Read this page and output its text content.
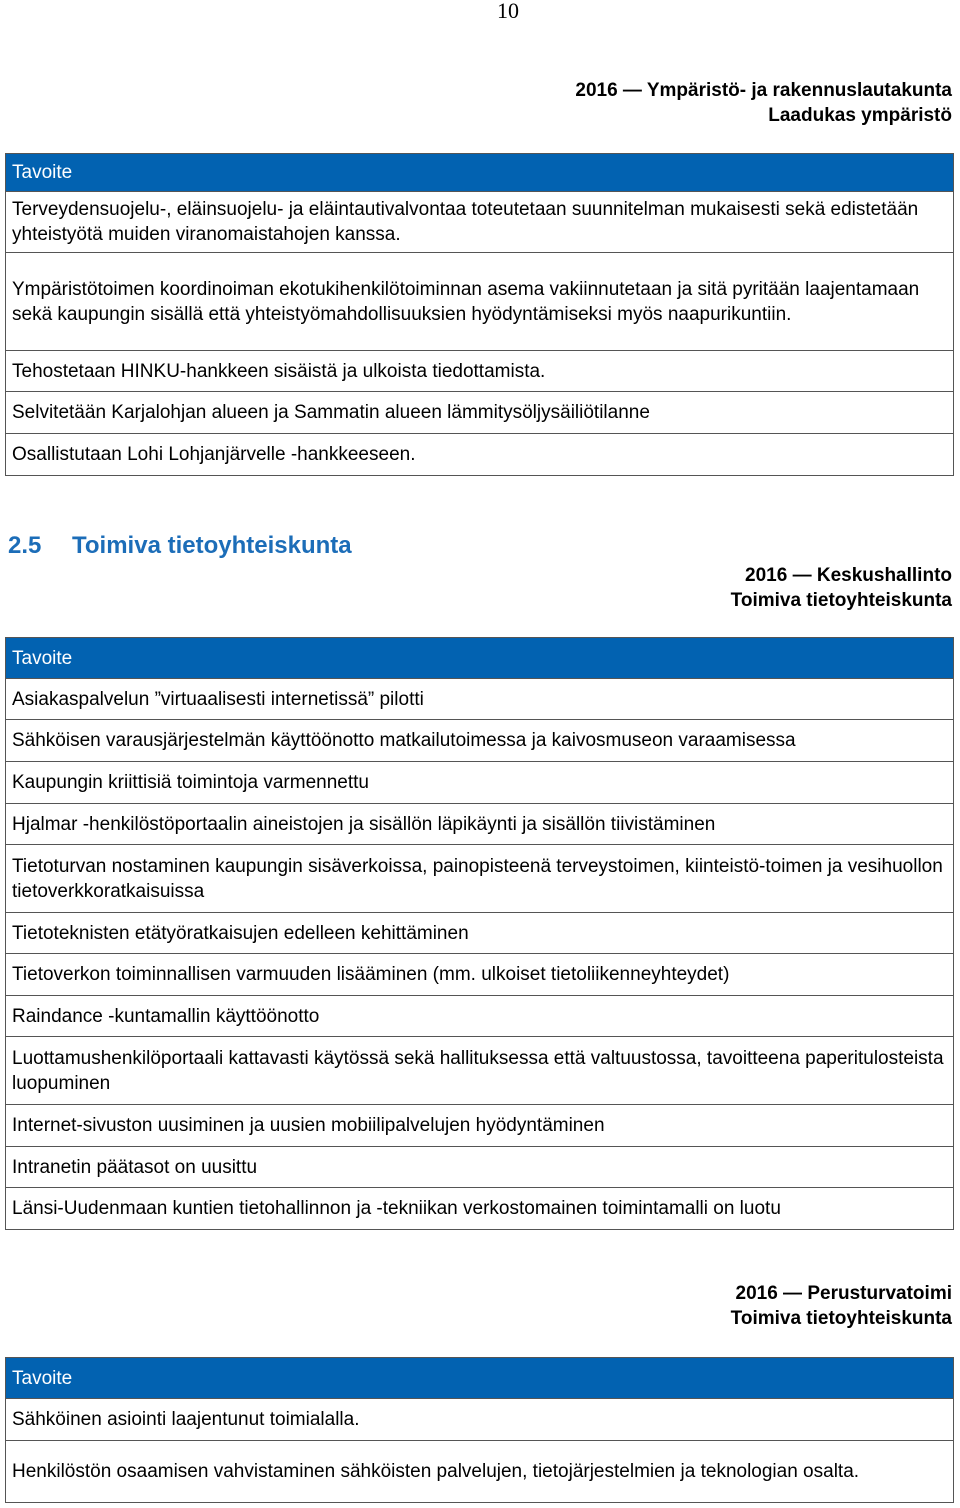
10
2016 — Ympäristö- ja rakennuslautakunta
Laadukas ympäristö
Tavoite
Terveydensuojelu-, eläinsuojelu- ja eläintautivalvontaa toteutetaan suunnitelman mukaisesti sekä edistetään yhteistyötä muiden viranomaistahojen kanssa.
Ympäristötoimen koordinoiman ekotukihenkilötoiminnan asema vakiinnutetaan ja sitä pyritään laajentamaan sekä kaupungin sisällä että yhteistyömahdollisuuksien hyödyntämiseksi myös naapurikuntiin.
Tehostetaan HINKU-hankkeen sisäistä ja ulkoista tiedottamista.
Selvitetään Karjalohjan alueen ja Sammatin alueen lämmitysöljysäiliötilanne
Osallistutaan Lohi Lohjanjärvelle -hankkeeseen.
2.5 Toimiva tietoyhteiskunta
2016 — Keskushallinto
Toimiva tietoyhteiskunta
Tavoite
Asiakaspalvelun ”virtuaalisesti internetissä” pilotti
Sähköisen varausjärjestelmän käyttöönotto matkailutoimessa ja kaivosmuseon varaamisessa
Kaupungin kriittisiä toimintoja varmennettu
Hjalmar -henkilöstöportaalin aineistojen ja sisällön läpikäynti ja sisällön tiivistäminen
Tietoturvan nostaminen kaupungin sisäverkoissa, painopisteenä terveystoimen, kiinteistö-toimen ja vesihuollon tietoverkkoratkaisuissa
Tietoteknisten etätyöratkaisujen edelleen kehittäminen
Tietoverkon toiminnallisen varmuuden lisääminen (mm. ulkoiset tietoliikenneyhteydet)
Raindance -kuntamallin käyttöönotto
Luottamushenkilöportaali kattavasti käytössä sekä hallituksessa että valtuustossa, tavoitteena paperitulosteista luopuminen
Internet-sivuston uusiminen ja uusien mobiilipalvelujen hyödyntäminen
Intranetin päätasot on uusittu
Länsi-Uudenmaan kuntien tietohallinnon ja -tekniikan verkostomainen toimintamalli on luotu
2016 — Perusturvatoimi
Toimiva tietoyhteiskunta
Tavoite
Sähköinen asiointi laajentunut toimialalla.
Henkilöstön osaamisen vahvistaminen sähköisten palvelujen, tietojärjestelmien ja teknologian osalta.
